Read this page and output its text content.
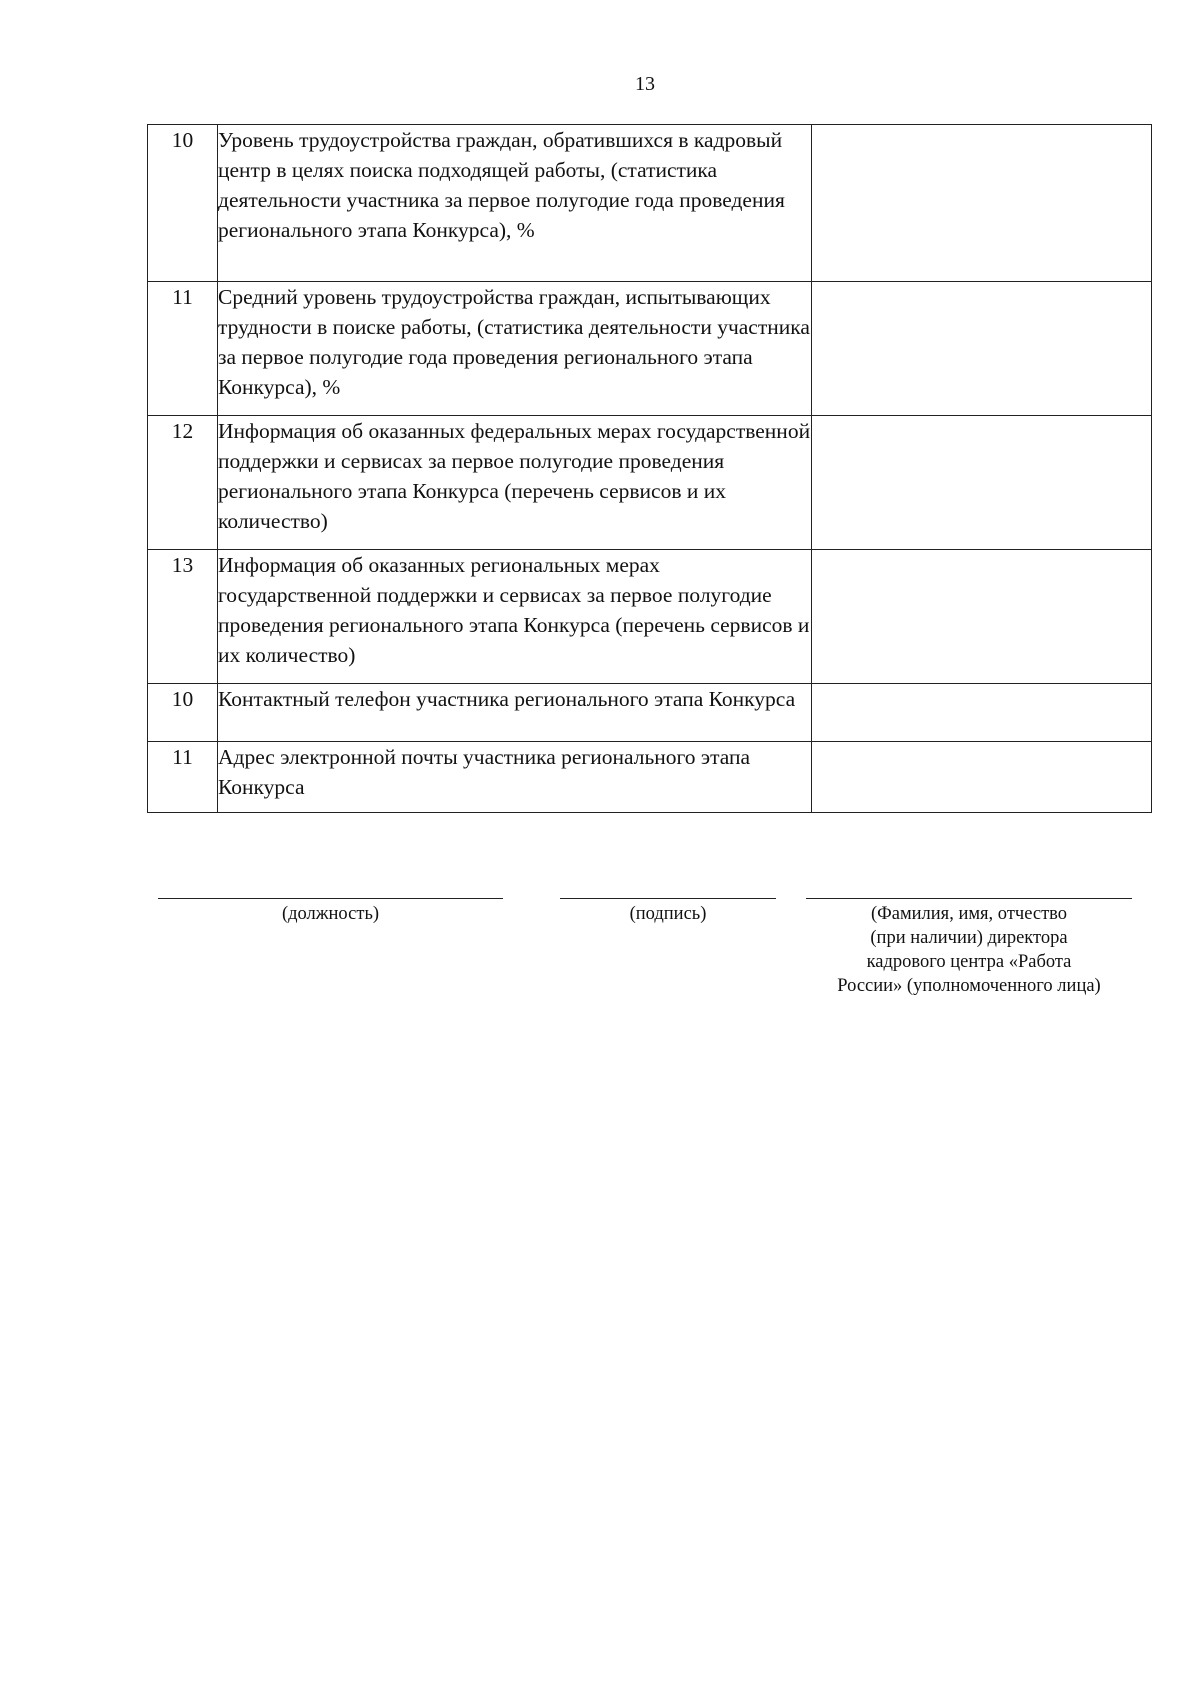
13
10	Уровень трудоустройства граждан, обратившихся в кадровый центр в целях поиска подходящей работы, (статистика деятельности участника за первое полугодие года проведения регионального этапа Конкурса), %	
11	Средний уровень трудоустройства граждан, испытывающих трудности в поиске работы, (статистика деятельности участника за первое полугодие года проведения регионального этапа Конкурса), %	
12	Информация об оказанных федеральных мерах государственной поддержки и сервисах за первое полугодие проведения регионального этапа Конкурса (перечень сервисов и их количество)	
13	Информация об оказанных региональных мерах государственной поддержки и сервисах за первое полугодие проведения регионального этапа Конкурса (перечень сервисов и их количество)	
10	Контактный телефон участника регионального этапа Конкурса	
11	Адрес электронной почты участника регионального этапа Конкурса	
(должность)	(подпись)	(Фамилия, имя, отчество
(при наличии) директора
кадрового центра «Работа
России» (уполномоченного лица)
